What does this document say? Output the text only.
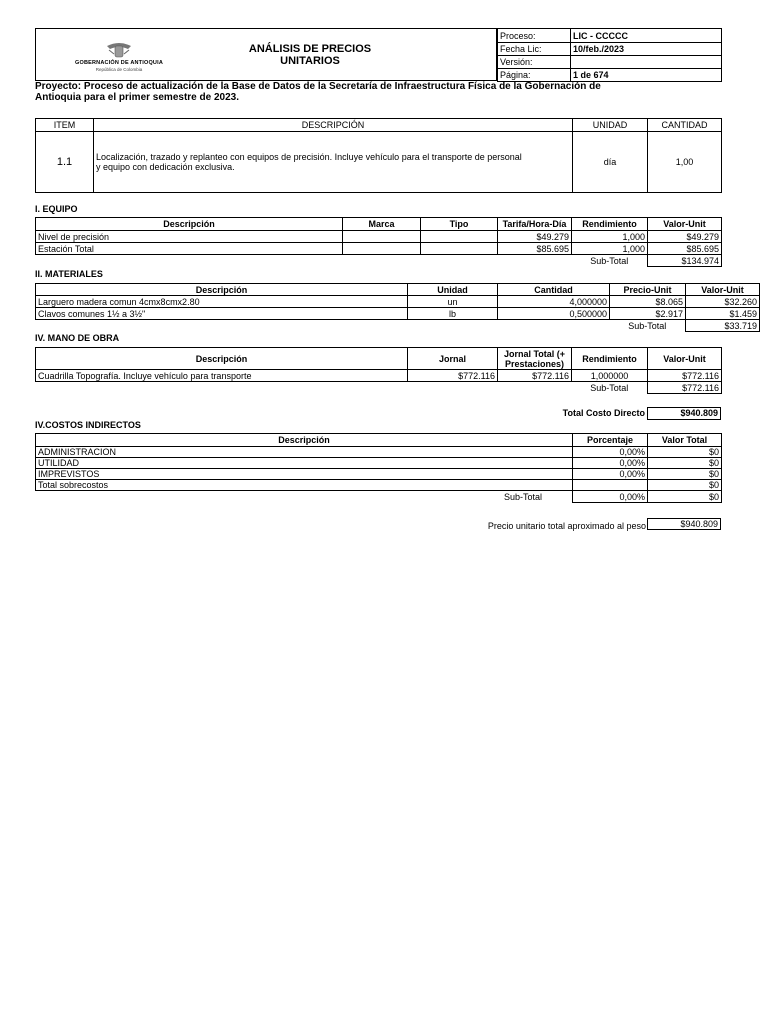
GOBERNACIÓN DE ANTIOQUIA
República de Colombia
ANÁLISIS DE PRECIOS
UNITARIOS
Proceso:	LIC - CCCCC
Fecha Lic:	10/feb./2023
Versión:	
Página:	1 de 674
Proyecto: Proceso de actualización de la Base de Datos de la Secretaría de Infraestructura Física de la Gobernación de
Antioquia para el primer semestre de 2023.
ITEM	DESCRIPCIÓN	UNIDAD	CANTIDAD
1.1	Localización, trazado y replanteo con equipos de precisión. Incluye vehículo para el transporte de personal
y equipo con dedicación exclusiva.	día	1,00
I. EQUIPO
Descripción	Marca	Tipo	Tarifa/Hora-Día	Rendimiento	Valor-Unit
Nivel de precisión			$49.279	1,000	$49.279
Estación Total			$85.695	1,000	$85.695
				Sub-Total	$134.974
II. MATERIALES
Descripción	Unidad	Cantidad	Precio-Unit	Valor-Unit
Larguero madera comun 4cmx8cmx2.80	un	4,000000	$8.065	$32.260
Clavos comunes 1½ a 3½"	lb	0,500000	$2.917	$1.459
			Sub-Total	$33.719
IV. MANO DE OBRA
Descripción	Jornal	Jornal Total (+
Prestaciones)	Rendimiento	Valor-Unit
Cuadrilla Topografía. Incluye vehículo para transporte	$772.116	$772.116	1,000000	$772.116
			Sub-Total	$772.116
Total Costo Directo	$940.809
IV.COSTOS INDIRECTOS
Descripción	Porcentaje	Valor Total
ADMINISTRACION	0,00%	$0
UTILIDAD	0,00%	$0
IMPREVISTOS	0,00%	$0
Total sobrecostos		$0
Sub-Total	0,00%	$0
Precio unitario total aproximado al peso	$940.809
